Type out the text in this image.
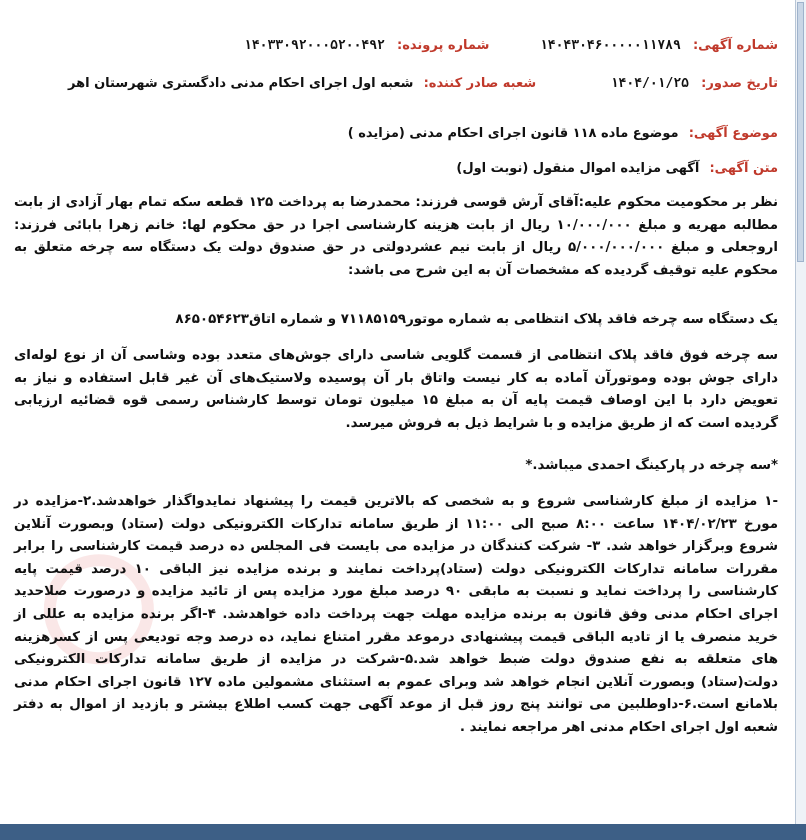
شماره آگهی: ۱۴۰۴۳۰۴۶۰۰۰۰۰۱۱۷۸۹
شماره پرونده: ۱۴۰۳۳۰۹۲۰۰۰۵۲۰۰۴۹۲
تاریخ صدور: ۱۴۰۴/۰۱/۲۵
شعبه صادر کننده: شعبه اول اجرای احکام مدنی دادگستری شهرستان اهر
موضوع آگهی: موضوع ماده ۱۱۸ قانون اجرای احکام مدنی (مزایده )
متن آگهی: آگهی مزایده اموال منقول (نوبت اول)
نظر بر محکومیت محکوم علیه:آقای آرش قوسی فرزند: محمدرضا به پرداخت ۱۲۵ قطعه سکه تمام بهار آزادی از بابت مطالبه مهریه و مبلغ ۱۰/۰۰۰/۰۰۰ ریال از بابت هزینه کارشناسی اجرا در حق محکوم لها: خانم زهرا بابائی فرزند: اروجعلی و مبلغ ۵/۰۰۰/۰۰۰/۰۰۰ ریال از بابت نیم عشردولتی در حق صندوق دولت یک دستگاه سه چرخه متعلق به محکوم علیه توقیف گردیده که مشخصات آن به این شرح می باشد:
یک دستگاه سه چرخه فاقد پلاک انتظامی به شماره موتور۷۱۱۸۵۱۵۹ و شماره اتاق۸۶۵۰۵۴۶۲۳
سه چرخه فوق فاقد پلاک انتظامی از قسمت گلویی شاسی دارای جوش‌های متعدد بوده وشاسی آن از نوع لوله‌ای دارای جوش بوده وموتورآن آماده به کار نیست واتاق بار آن پوسیده ولاستیک‌های آن غیر قابل استفاده و نیاز به تعویض دارد با این اوصاف قیمت پایه آن به مبلغ ۱۵ میلیون تومان توسط کارشناس رسمی قوه قضائیه ارزیابی گردیده است که از طریق مزایده و با شرایط ذیل به فروش میرسد.
*سه چرخه در پارکینگ احمدی میباشد.*
-۱ مزایده از مبلغ کارشناسی شروع و به شخصی که بالاترین قیمت را پیشنهاد نمایدواگذار خواهدشد.۲-مزایده در مورخ ۱۴۰۴/۰۲/۲۳ ساعت ۸:۰۰ صبح الی ۱۱:۰۰ از طریق سامانه تدارکات الکترونیکی دولت (ستاد) وبصورت آنلاین شروع وبرگزار خواهد شد. ۳- شرکت کنندگان در مزایده می بایست فی المجلس ده درصد قیمت کارشناسی را برابر مقررات سامانه تدارکات الکترونیکی دولت (ستاد)پرداخت نمایند و برنده مزایده نیز الباقی ۱۰ درصد قیمت پایه کارشناسی را پرداخت نماید و نسبت به مابقی ۹۰ درصد مبلغ مورد مزایده پس از تائید مزایده و درصورت صلاحدید اجرای احکام مدنی وفق قانون به برنده مزایده مهلت جهت پرداخت داده خواهدشد. ۴-اگر برنده مزایده به عللی از خرید منصرف یا از تادیه الباقی قیمت پیشنهادی درموعد مقرر امتناع نماید، ده درصد وجه تودیعی پس از کسرهزینه های متعلقه به نفع صندوق دولت ضبط خواهد شد.۵-شرکت در مزایده از طریق سامانه تدارکات الکترونیکی دولت(ستاد) وبصورت آنلاین انجام خواهد شد وبرای عموم به استثنای مشمولین ماده ۱۲۷ قانون اجرای احکام مدنی بلامانع است.۶-داوطلبین می توانند پنج روز قبل از موعد آگهی جهت کسب اطلاع بیشتر و بازدید از اموال به دفتر شعبه اول اجرای احکام مدنی اهر مراجعه نمایند .
